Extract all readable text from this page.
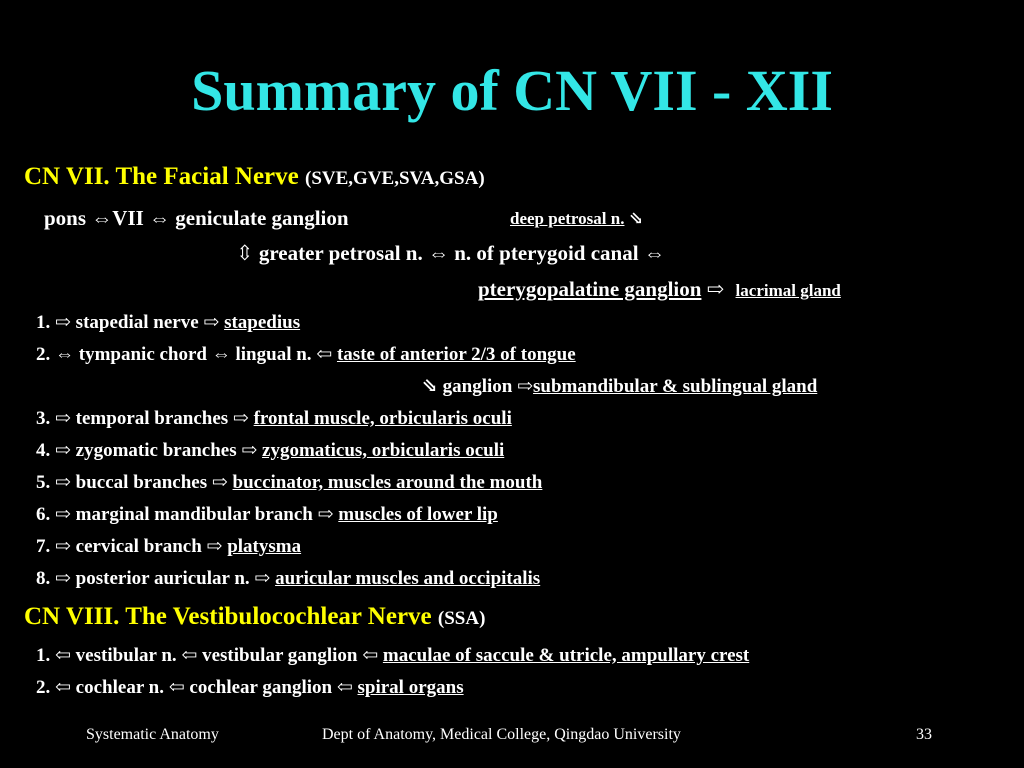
Summary of CN VII - XII
CN VII. The Facial Nerve (SVE,GVE,SVA,GSA)
pons ⇔VII ⇔ geniculate ganglion	deep petrosal n. ⇘
⇳ greater petrosal n. ⇔ n. of pterygoid canal ⇔
pterygopalatine ganglion ⇨ lacrimal gland
1. ⇨ stapedial nerve ⇨ stapedius
2. ⇔ tympanic chord ⇔ lingual n. ⇦ taste of anterior 2/3 of tongue
⇘ ganglion ⇨submandibular & sublingual gland
3. ⇨ temporal branches ⇨ frontal muscle, orbicularis oculi
4. ⇨ zygomatic branches ⇨ zygomaticus, orbicularis oculi
5. ⇨ buccal branches ⇨ buccinator, muscles around the mouth
6. ⇨ marginal mandibular branch ⇨ muscles of lower lip
7. ⇨ cervical branch ⇨ platysma
8. ⇨ posterior auricular n. ⇨ auricular muscles and occipitalis
CN VIII. The Vestibulocochlear Nerve (SSA)
1. ⇦ vestibular n. ⇦ vestibular ganglion ⇦ maculae of saccule & utricle, ampullary crest
2. ⇦ cochlear n. ⇦ cochlear ganglion ⇦ spiral organs
Systematic Anatomy	Dept of Anatomy, Medical College, Qingdao University	33
